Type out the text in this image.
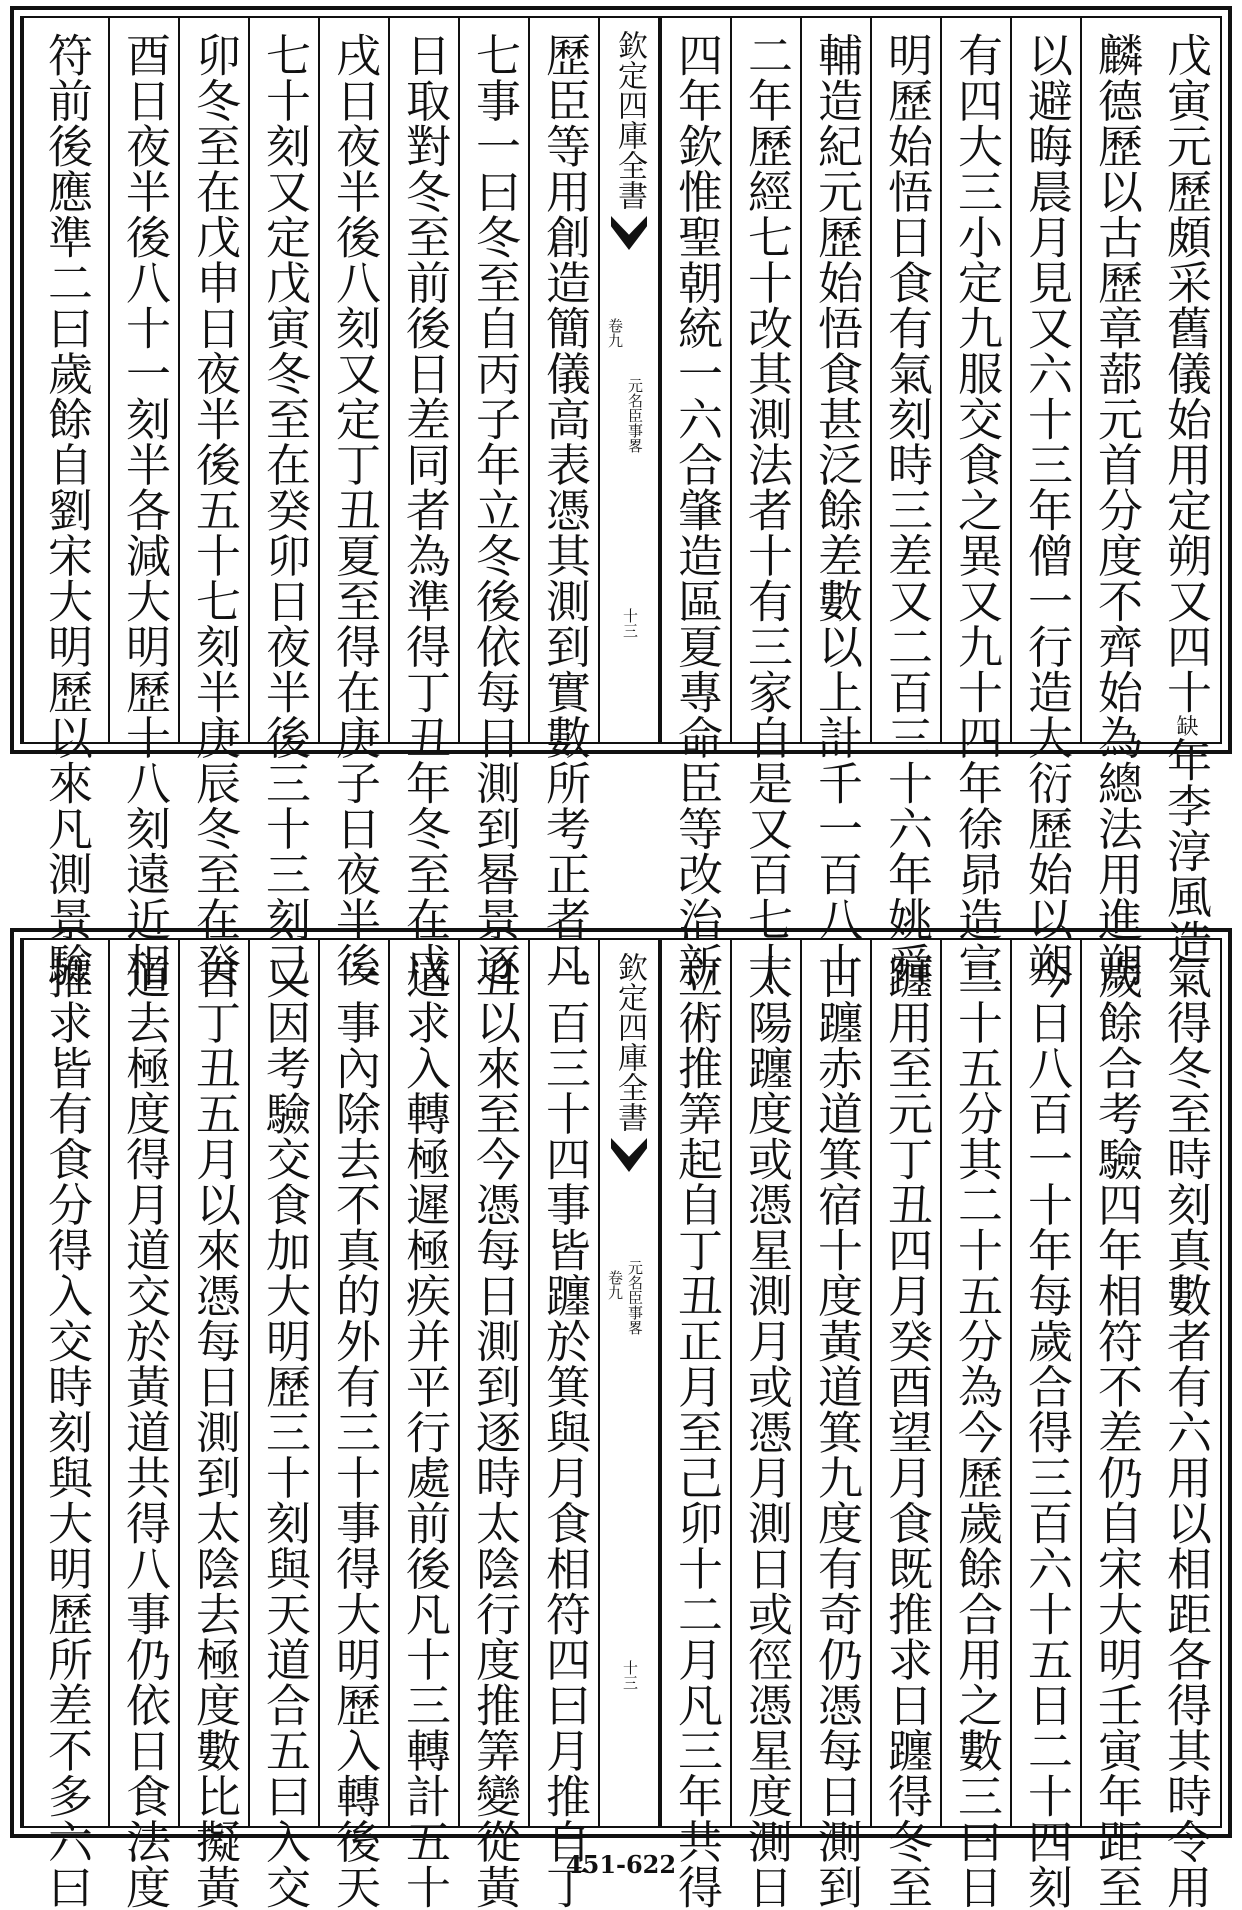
戊寅元歷頗采舊儀始用定朔又四十缺年李淳風造
麟德歷以古歷章蔀元首分度不齊始為總法用進朔
以避晦晨月見又六十三年僧一行造大衍歷始以朔
有四大三小定九服交食之異又九十四年徐昴造宣
明歷始悟日食有氣刻時三差又二百三十六年姚舜
輔造紀元歷始悟食甚泛餘差數以上計千一百八十
二年歷經七十改其測法者十有三家自是又百七十
四年欽惟聖朝統一六合肇造區夏專命臣等改治新
欽定四庫全書
元名臣事畧
卷九
十三
歷臣等用創造簡儀高表憑其測到實數所考正者凡
七事一曰冬至自丙子年立冬後依每日測到晷景逐
日取對冬至前後日差同者為準得丁丑年冬至在戊
戌日夜半後八刻又定丁丑夏至得在庚子日夜半後
七十刻又定戊寅冬至在癸卯日夜半後三十三刻己
卯冬至在戊申日夜半後五十七刻半庚辰冬至在癸
酉日夜半後八十一刻半各減大明歷十八刻遠近相
符前後應準二曰歲餘自劉宋大明歷以來凡測景驗
氣得冬至時刻真數者有六用以相距各得其時令用
歲餘合考驗四年相符不差仍自宋大明壬寅年距至
今日八百一十年每歲合得三百六十五日二十四刻
二十五分其二十五分為今歷歲餘合用之數三曰日
躔用至元丁丑四月癸酉望月食既推求日躔得冬至
日躔赤道箕宿十度黃道箕九度有奇仍憑每日測到
太陽躔度或憑星測月或憑月測日或徑憑星度測日
立術推筭起自丁丑正月至己卯十二月凡三年共得
欽定四庫全書
元名臣事畧
卷九
十三
一百三十四事皆躔於箕與月食相符四曰月推自丁
丑以來至今憑每日測到逐時太陰行度推筭變從黃
道求入轉極遲極疾并平行處前後凡十三轉計五十
一事內除去不真的外有三十事得大明歷入轉後天
又因考驗交食加大明歷三十刻與天道合五曰入交
自丁丑五月以來憑每日測到太陰去極度數比擬黃
道去極度得月道交於黃道共得八事仍依日食法度
推求皆有食分得入交時刻與大明歷所差不多六曰	451-622
